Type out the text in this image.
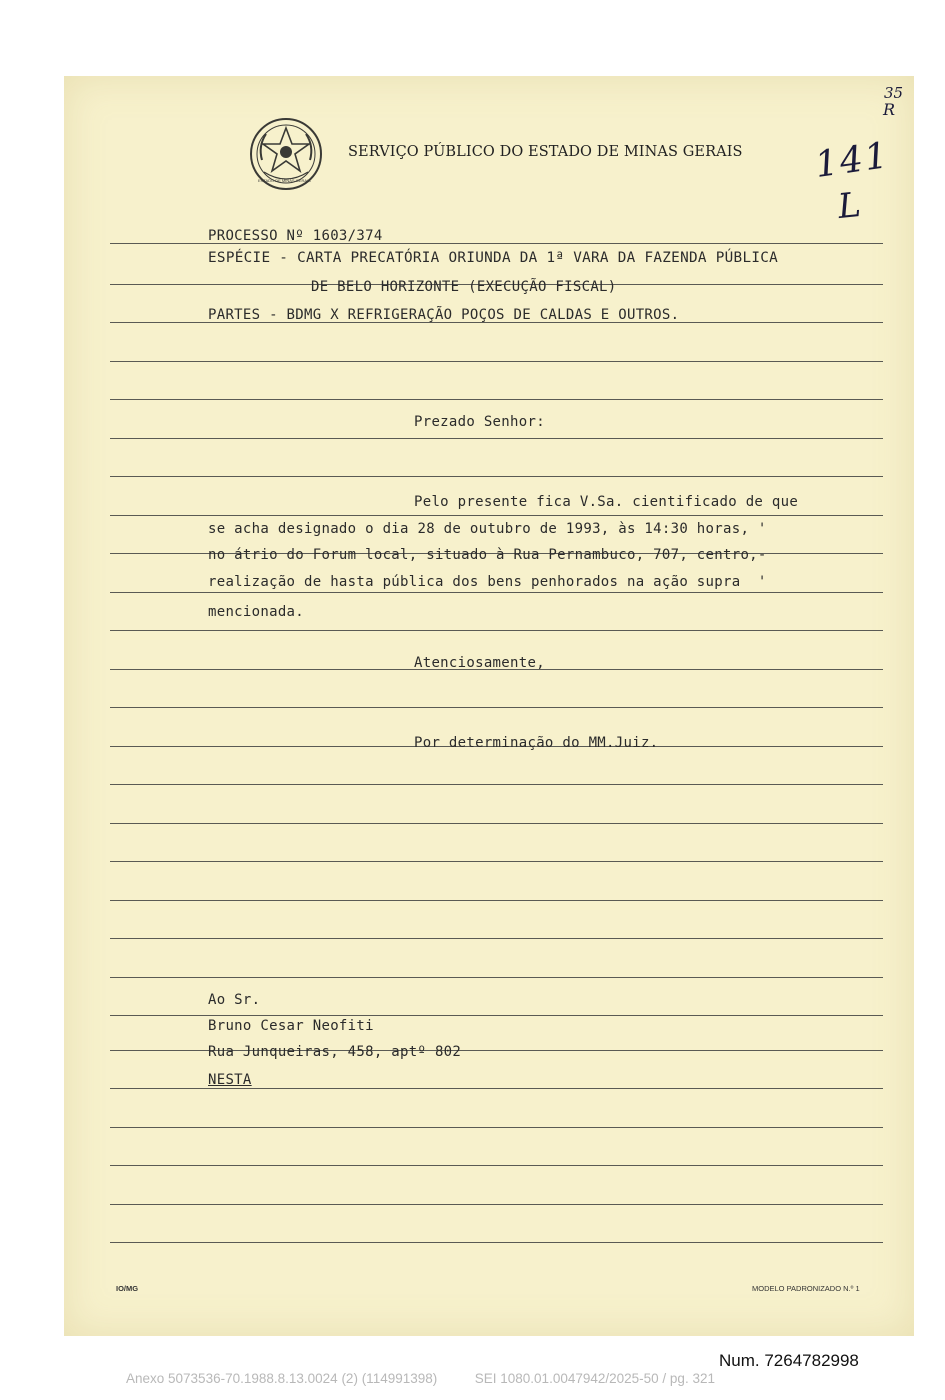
ESTADO DE MINAS GERAIS
SERVIÇO PÚBLICO DO ESTADO DE MINAS GERAIS
35
R
141
L
PROCESSO Nº 1603/374
ESPÉCIE - CARTA PRECATÓRIA ORIUNDA DA 1ª VARA DA FAZENDA PÚBLICA
DE BELO HORIZONTE (EXECUÇÃO FISCAL)
PARTES - BDMG X REFRIGERAÇÃO POÇOS DE CALDAS E OUTROS.
Prezado Senhor:
Pelo presente fica V.Sa. cientificado de que
se acha designado o dia 28 de outubro de 1993, às 14:30 horas, '
no átrio do Forum local, situado à Rua Pernambuco, 707, centro,-
realização de hasta pública dos bens penhorados na ação supra  '
mencionada.
Atenciosamente,
Por determinação do MM.Juiz.
Ao Sr.
Bruno Cesar Neofiti
Rua Junqueiras, 458, aptº 802
NESTA
IO/MG	MODELO PADRONIZADO N.º 1
Num. 7264782998
Anexo 5073536-70.1988.8.13.0024 (2) (114991398)          SEI 1080.01.0047942/2025-50 / pg. 321
